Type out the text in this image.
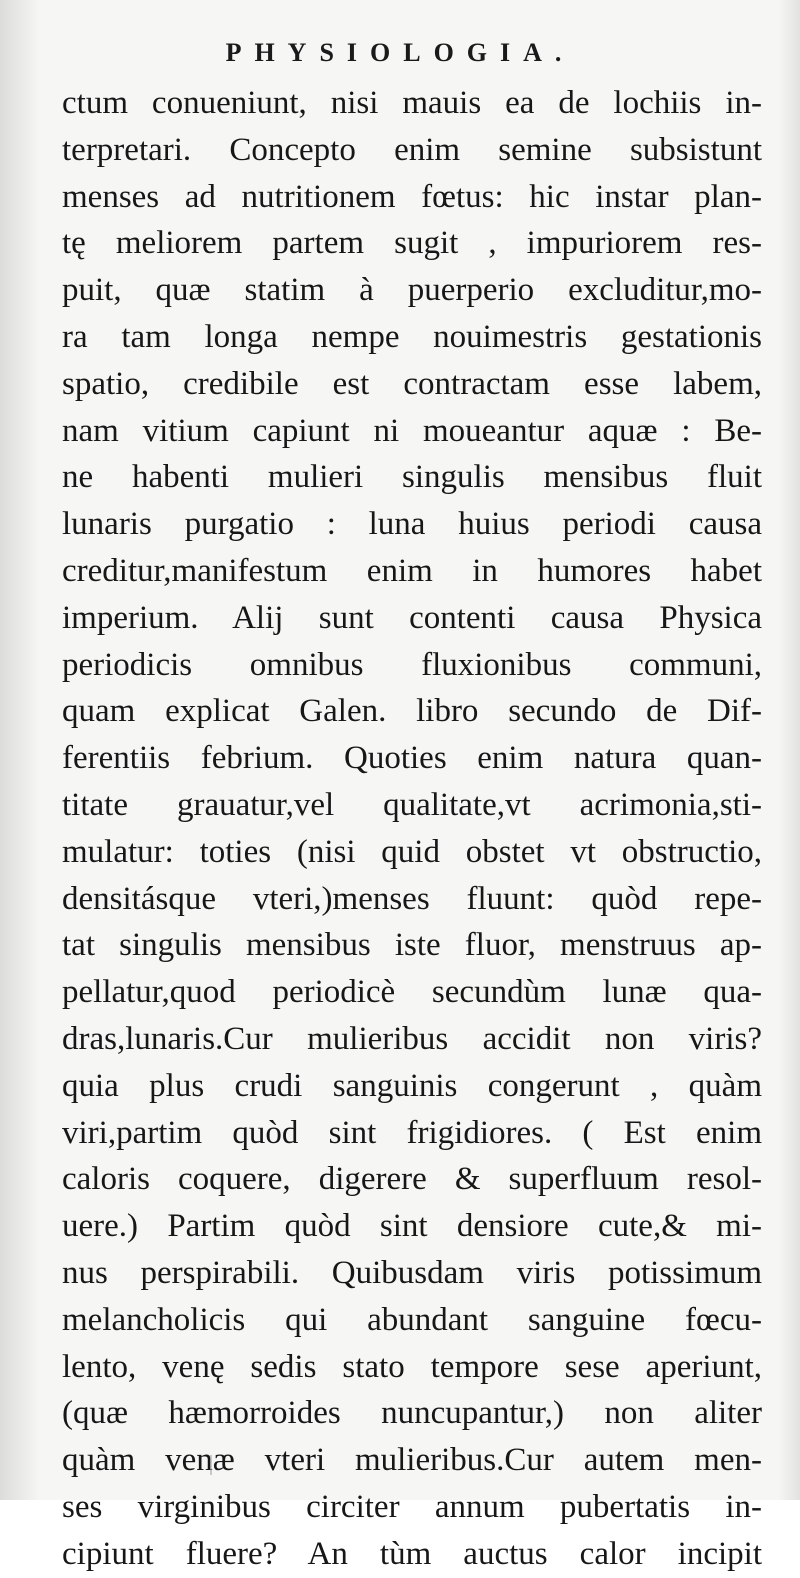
PHYSIOLOGIA.
ctum conueniunt, nisi mauis ea de lochiis in-
terpretari. Concepto enim semine subsistunt
menses ad nutritionem fœtus: hic instar plan-
tę meliorem partem sugit , impuriorem res-
puit, quæ statim à puerperio excluditur,mo-
ra tam longa nempe nouimestris gestationis
spatio, credibile est contractam esse labem,
nam vitium capiunt ni moueantur aquæ : Be-
ne habenti mulieri singulis mensibus fluit
lunaris purgatio : luna huius periodi causa
creditur,manifestum enim in humores habet
imperium. Alij sunt contenti causa Physica
periodicis omnibus fluxionibus communi,
quam explicat Galen. libro secundo de Dif-
ferentiis febrium. Quoties enim natura quan-
titate grauatur,vel qualitate,vt acrimonia,sti-
mulatur: toties (nisi quid obstet vt obstructio,
densitásque vteri,)menses fluunt: quòd repe-
tat singulis mensibus iste fluor, menstruus ap-
pellatur,quod periodicè secundùm lunæ qua-
dras,lunaris.Cur mulieribus accidit non viris?
quia plus crudi sanguinis congerunt , quàm
viri,partim quòd sint frigidiores. ( Est enim
caloris coquere, digerere & superfluum resol-
uere.) Partim quòd sint densiore cute,& mi-
nus perspirabili. Quibusdam viris potissimum
melancholicis qui abundant sanguine fœcu-
lento, venę sedis stato tempore sese aperiunt,
(quæ hæmorroides nuncupantur,) non aliter
quàm venæ vteri mulieribus.Cur autem men-
ses virginibus circiter annum pubertatis in-
cipiunt fluere? An tùm auctus calor incipit
